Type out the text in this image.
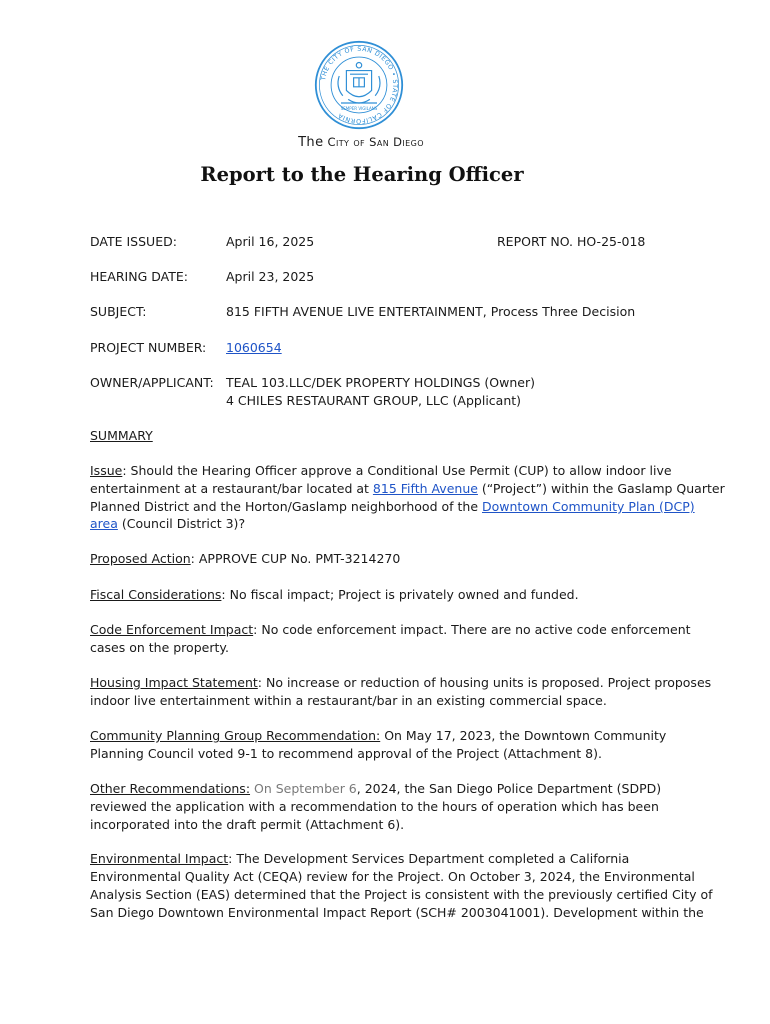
THE CITY OF SAN DIEGO • STATE OF CALIFORNIA
SEMPER VIGILANS
The City of San Diego
Report to the Hearing Officer
DATE ISSUED:	April 16, 2025	REPORT NO. HO-25-018
HEARING DATE:	April 23, 2025
SUBJECT:	815 FIFTH AVENUE LIVE ENTERTAINMENT, Process Three Decision
PROJECT NUMBER: 1060654
OWNER/APPLICANT: TEAL 103.LLC/DEK PROPERTY HOLDINGS (Owner)
4 CHILES RESTAURANT GROUP, LLC (Applicant)
SUMMARY
Issue: Should the Hearing Officer approve a Conditional Use Permit (CUP) to allow indoor live
entertainment at a restaurant/bar located at 815 Fifth Avenue (“Project”) within the Gaslamp Quarter
Planned District and the Horton/Gaslamp neighborhood of the Downtown Community Plan (DCP)
area (Council District 3)?
Proposed Action: APPROVE CUP No. PMT-3214270
Fiscal Considerations: No fiscal impact; Project is privately owned and funded.
Code Enforcement Impact: No code enforcement impact. There are no active code enforcement
cases on the property.
Housing Impact Statement: No increase or reduction of housing units is proposed. Project proposes
indoor live entertainment within a restaurant/bar in an existing commercial space.
Community Planning Group Recommendation: On May 17, 2023, the Downtown Community
Planning Council voted 9-1 to recommend approval of the Project (Attachment 8).
Other Recommendations: On September 6, 2024, the San Diego Police Department (SDPD)
reviewed the application with a recommendation to the hours of operation which has been
incorporated into the draft permit (Attachment 6).
Environmental Impact: The Development Services Department completed a California
Environmental Quality Act (CEQA) review for the Project. On October 3, 2024, the Environmental
Analysis Section (EAS) determined that the Project is consistent with the previously certified City of
San Diego Downtown Environmental Impact Report (SCH# 2003041001). Development within the
